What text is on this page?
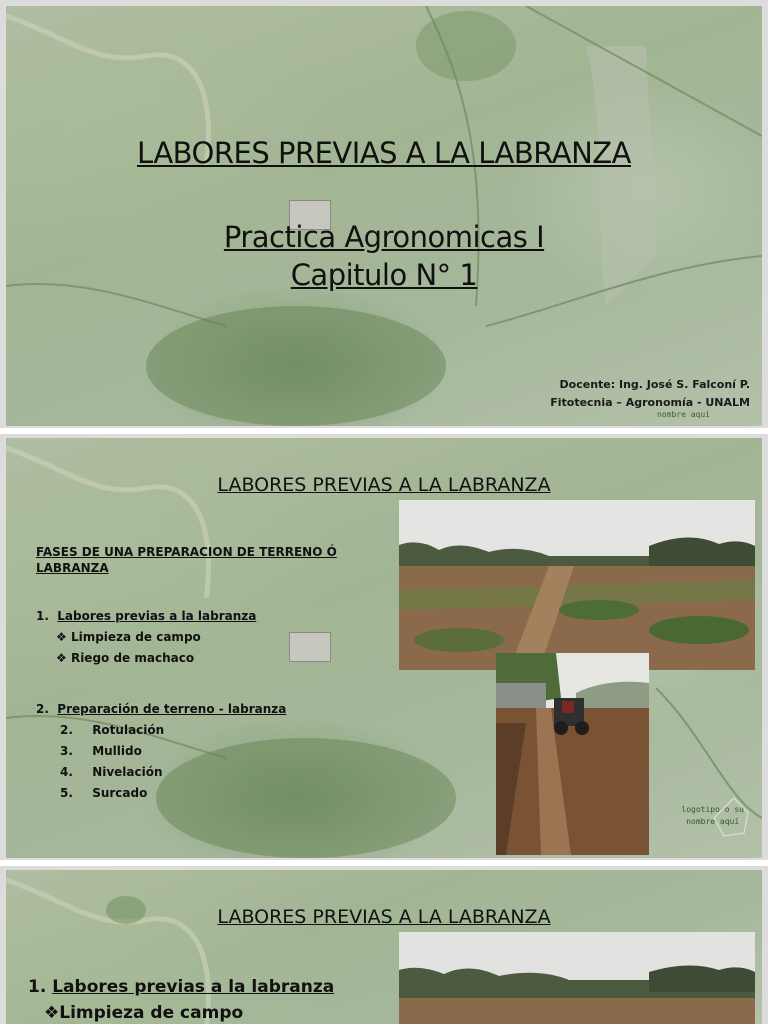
LABORES PREVIAS A LA LABRANZA
Practica Agronomicas I
Capitulo N° 1
Docente: Ing. José S. Falconí P.
Fitotecnia – Agronomía - UNALM
nombre aquí
LABORES PREVIAS A LA LABRANZA
FASES DE UNA PREPARACION DE TERRENO Ó LABRANZA
1. Labores previas a la labranza
❖ Limpieza de campo
❖ Riego de machaco
2. Preparación de terreno - labranza
2. Rotulación
3. Mullido
4. Nivelación
5. Surcado
logotipo o su
nombre aquí
LABORES PREVIAS A LA LABRANZA
1. Labores previas a la labranza
❖Limpieza de campo
